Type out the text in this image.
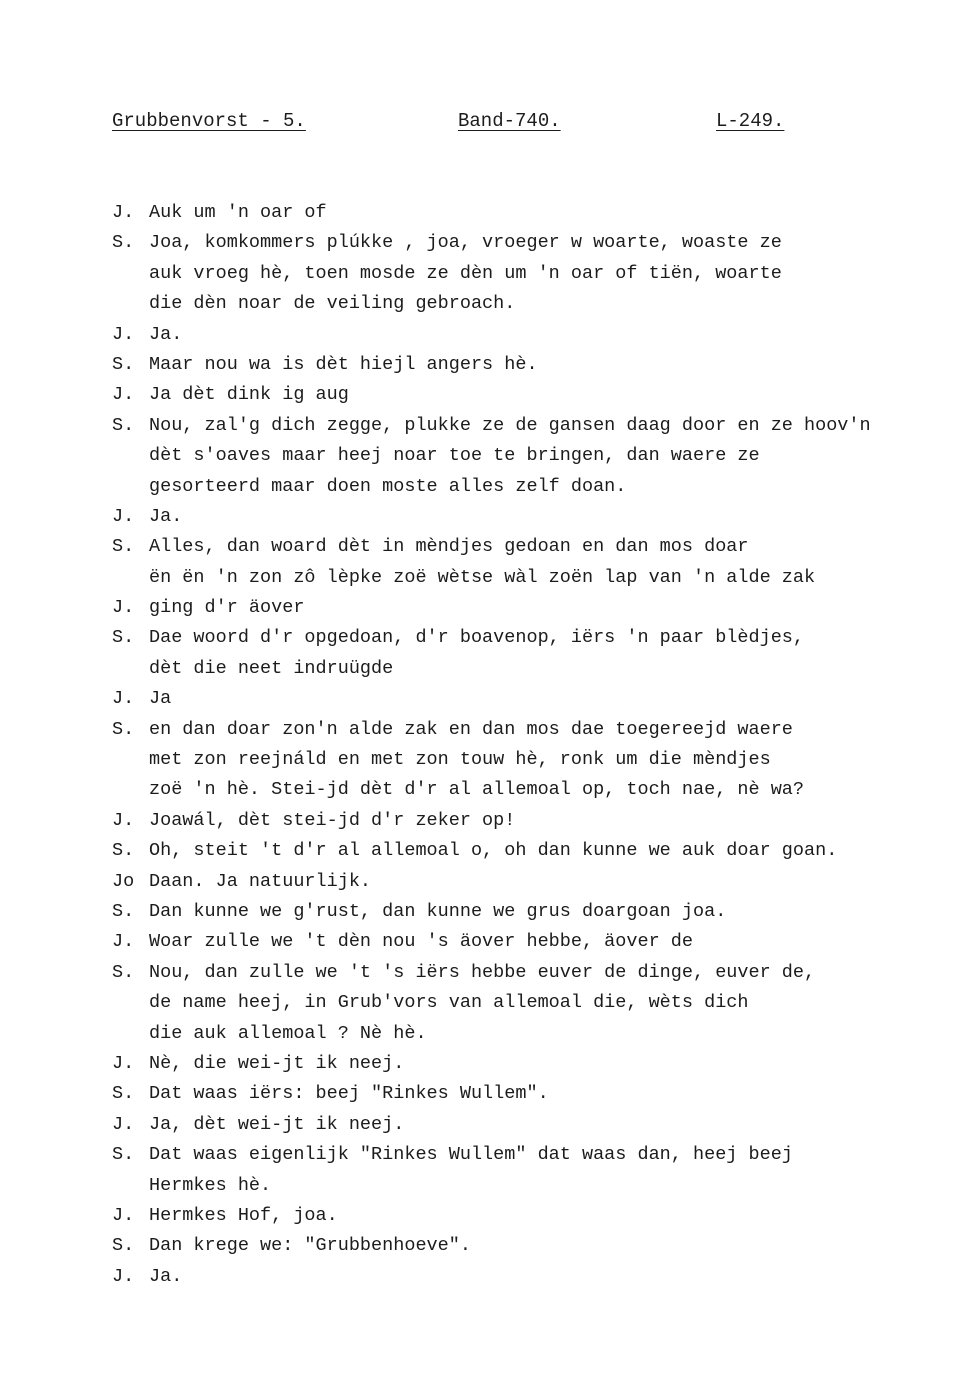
Grubbenvorst - 5.	Band-740.	L-249.
J. Auk um 'n oar of
S. Joa, komkommers plúkke , joa, vroeger w woarte, woaste ze
auk vroeg hè, toen mosde ze dèn um 'n oar of tiën, woarte
die dèn noar de veiling gebroach.
J. Ja.
S. Maar nou wa is dèt hiejl angers hè.
J. Ja dèt dink ig aug
S. Nou, zal'g dich zegge, plukke ze de gansen daag door en ze hoov'n
dèt s'oaves maar heej noar toe te bringen, dan waere ze
gesorteerd maar doen moste alles zelf doan.
J. Ja.
S. Alles, dan woard dèt in mèndjes gedoan en dan mos doar
ën ën 'n zon zô lèpke zoë wètse wàl zoën lap van 'n alde zak
J. ging d'r äover
S. Dae woord d'r opgedoan, d'r boavenop, iërs 'n paar blèdjes,
dèt die neet indruügde
J. Ja
S. en dan doar zon'n alde zak en dan mos dae toegereejd waere
met zon reejnáld en met zon touw hè, ronk um die mèndjes
zoë 'n hè. Stei-jd dèt d'r al allemoal op, toch nae, nè wa?
J. Joawál, dèt stei-jd d'r zeker op!
S. Oh, steit 't d'r al allemoal o, oh dan kunne we auk doar goan.
Jo Daan. Ja natuurlijk.
S. Dan kunne we g'rust, dan kunne we grus doargoan joa.
J. Woar zulle we 't dèn nou 's äover hebbe, äover de
S. Nou, dan zulle we 't 's iërs hebbe euver de dinge, euver de,
de name heej, in Grub'vors van allemoal die, wèts dich
die auk allemoal ? Nè hè.
J. Nè, die wei-jt ik neej.
S. Dat waas iërs: beej "Rinkes Wullem".
J. Ja, dèt wei-jt ik neej.
S. Dat waas eigenlijk "Rinkes Wullem" dat waas dan, heej beej
Hermkes hè.
J. Hermkes Hof, joa.
S. Dan krege we: "Grubbenhoeve".
J. Ja.
